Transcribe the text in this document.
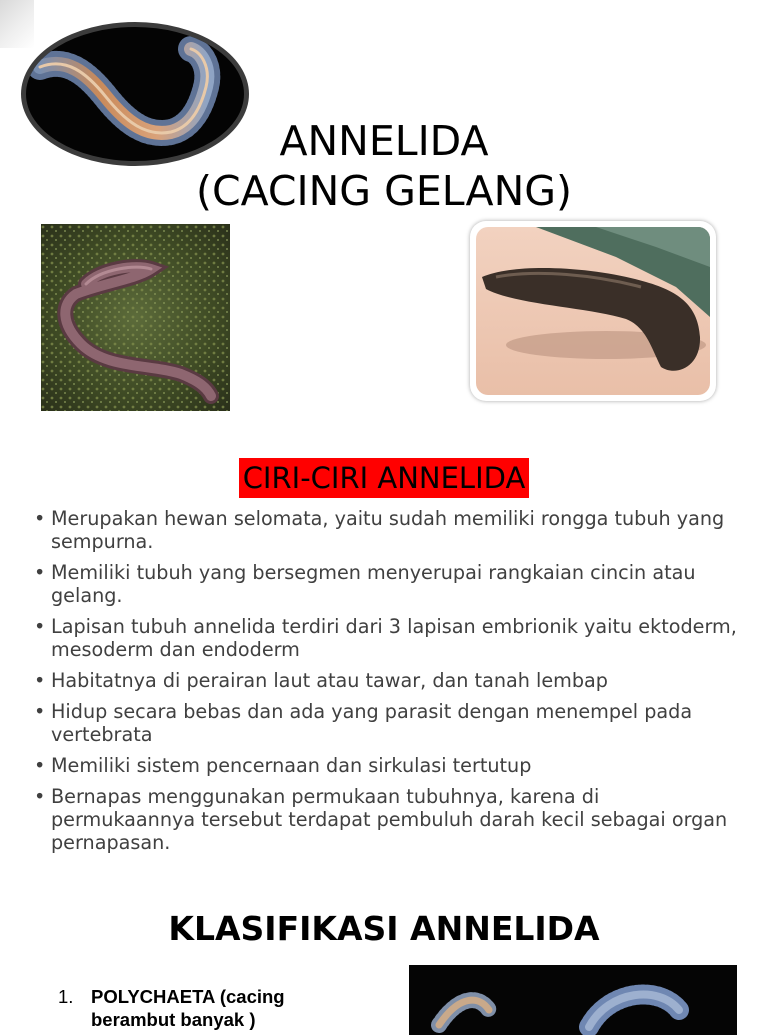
ANNELIDA
(CACING GELANG)
CIRI-CIRI ANNELIDA
• Merupakan hewan selomata, yaitu sudah memiliki rongga tubuh yang sempurna.
• Memiliki tubuh yang bersegmen menyerupai rangkaian cincin atau gelang.
• Lapisan tubuh annelida terdiri dari 3 lapisan embrionik yaitu ektoderm, mesoderm dan endoderm
• Habitatnya di perairan laut atau tawar, dan tanah lembap
• Hidup secara bebas dan ada yang parasit dengan menempel pada vertebrata
• Memiliki sistem pencernaan dan sirkulasi tertutup
• Bernapas menggunakan permukaan tubuhnya, karena di permukaannya tersebut terdapat pembuluh darah kecil sebagai organ pernapasan.
KLASIFIKASI ANNELIDA
1. POLYCHAETA (cacing berambut banyak )
